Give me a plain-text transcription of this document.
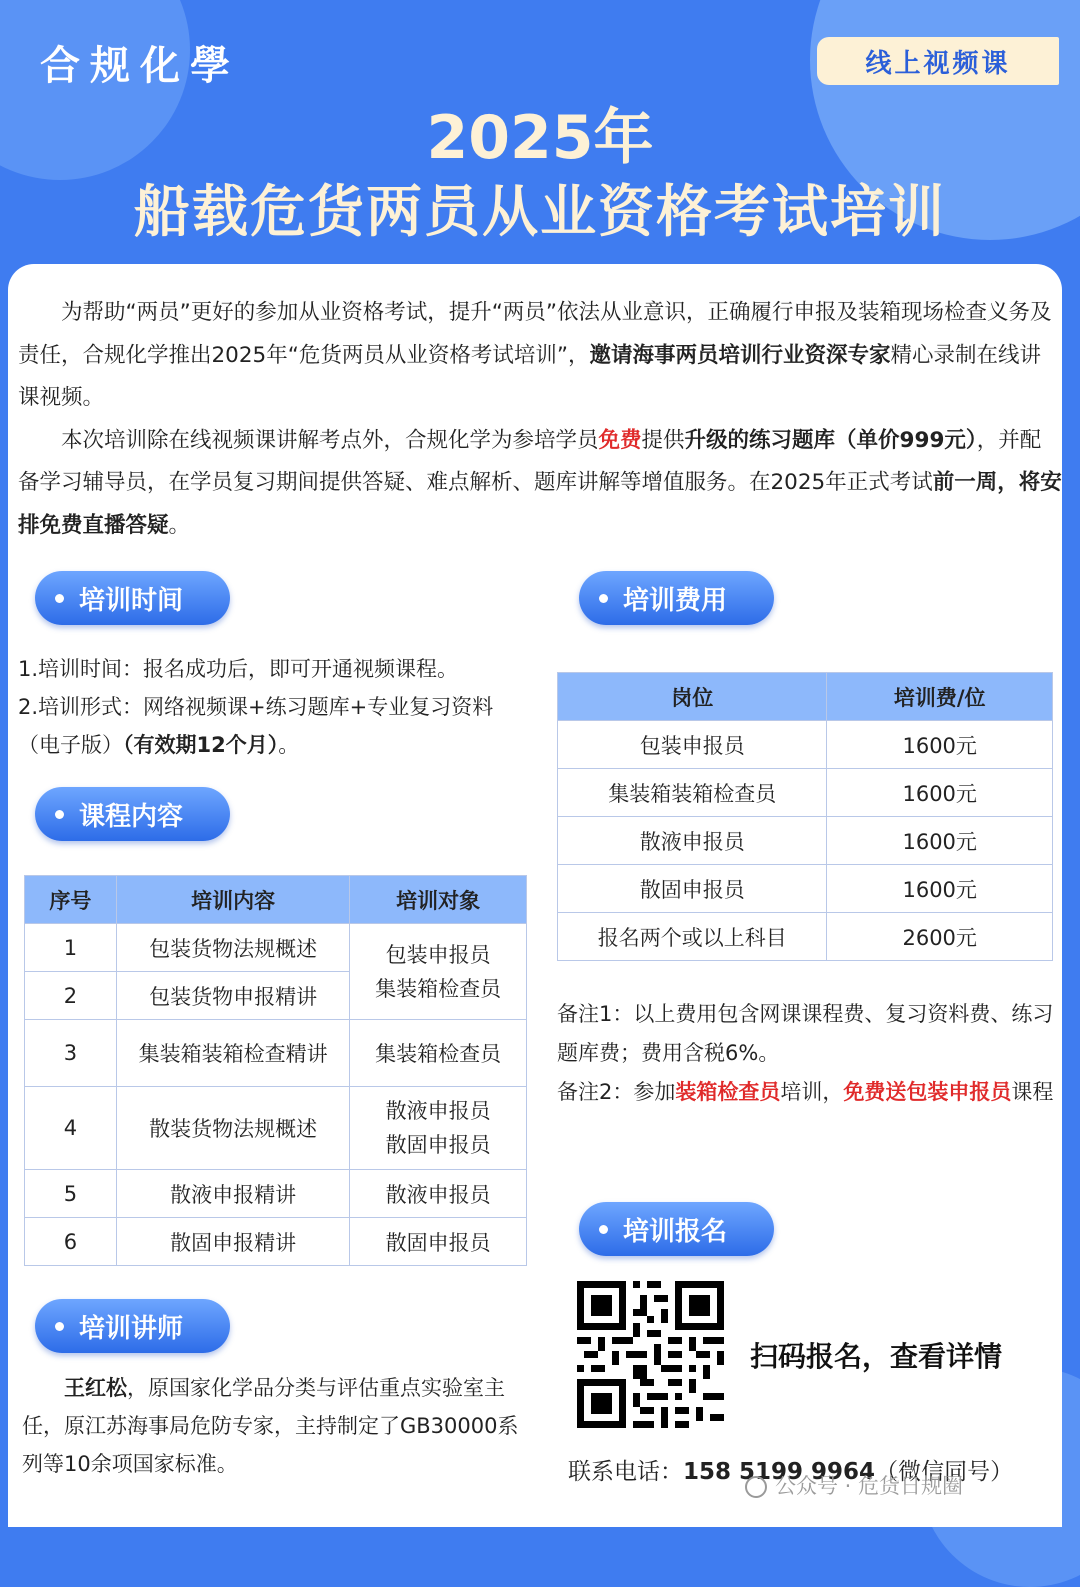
合规化學	线上视频课
2025年
船载危货两员从业资格考试培训

为帮助“两员”更好的参加从业资格考试，提升“两员”依法从业意识，正确履行申报及装箱现场检查义务及责任，合规化学推出2025年“危货两员从业资格考试培训”，邀请海事两员培训行业资深专家精心录制在线讲课视频。

本次培训除在线视频课讲解考点外，合规化学为参培学员免费提供升级的练习题库（单价999元），并配备学习辅导员，在学员复习期间提供答疑、难点解析、题库讲解等增值服务。在2025年正式考试前一周，将安排免费直播答疑。

培训时间	培训费用
课程内容
培训讲师
培训报名
1.培训时间：报名成功后，即可开通视频课程。
2.培训形式：网络视频课+练习题库+专业复习资料
（电子版）（有效期12个月）。
序号	培训内容	培训对象
1	包装货物法规概述	包装申报员
集装箱检查员

2	包装货物申报精讲	
3	集装箱装箱检查精讲	集装箱检查员
4	散装货物法规概述	散液申报员
散固申报员

5	散液申报精讲	散液申报员
6	散固申报精讲	散固申报员
岗位	培训费/位
包装申报员	1600元
集装箱装箱检查员	1600元
散液申报员	1600元
散固申报员	1600元
报名两个或以上科目	2600元
备注1：以上费用包含网课课程费、复习资料费、练习题库费；费用含税6%。
备注2：参加装箱检查员培训，免费送包装申报员课程
王红松，原国家化学品分类与评估重点实验室主任，原江苏海事局危防专家，主持制定了GB30000系列等10余项国家标准。
扫码报名，查看详情
联系电话：158 5199 9964（微信同号）
公众号 · 危货日规圈
